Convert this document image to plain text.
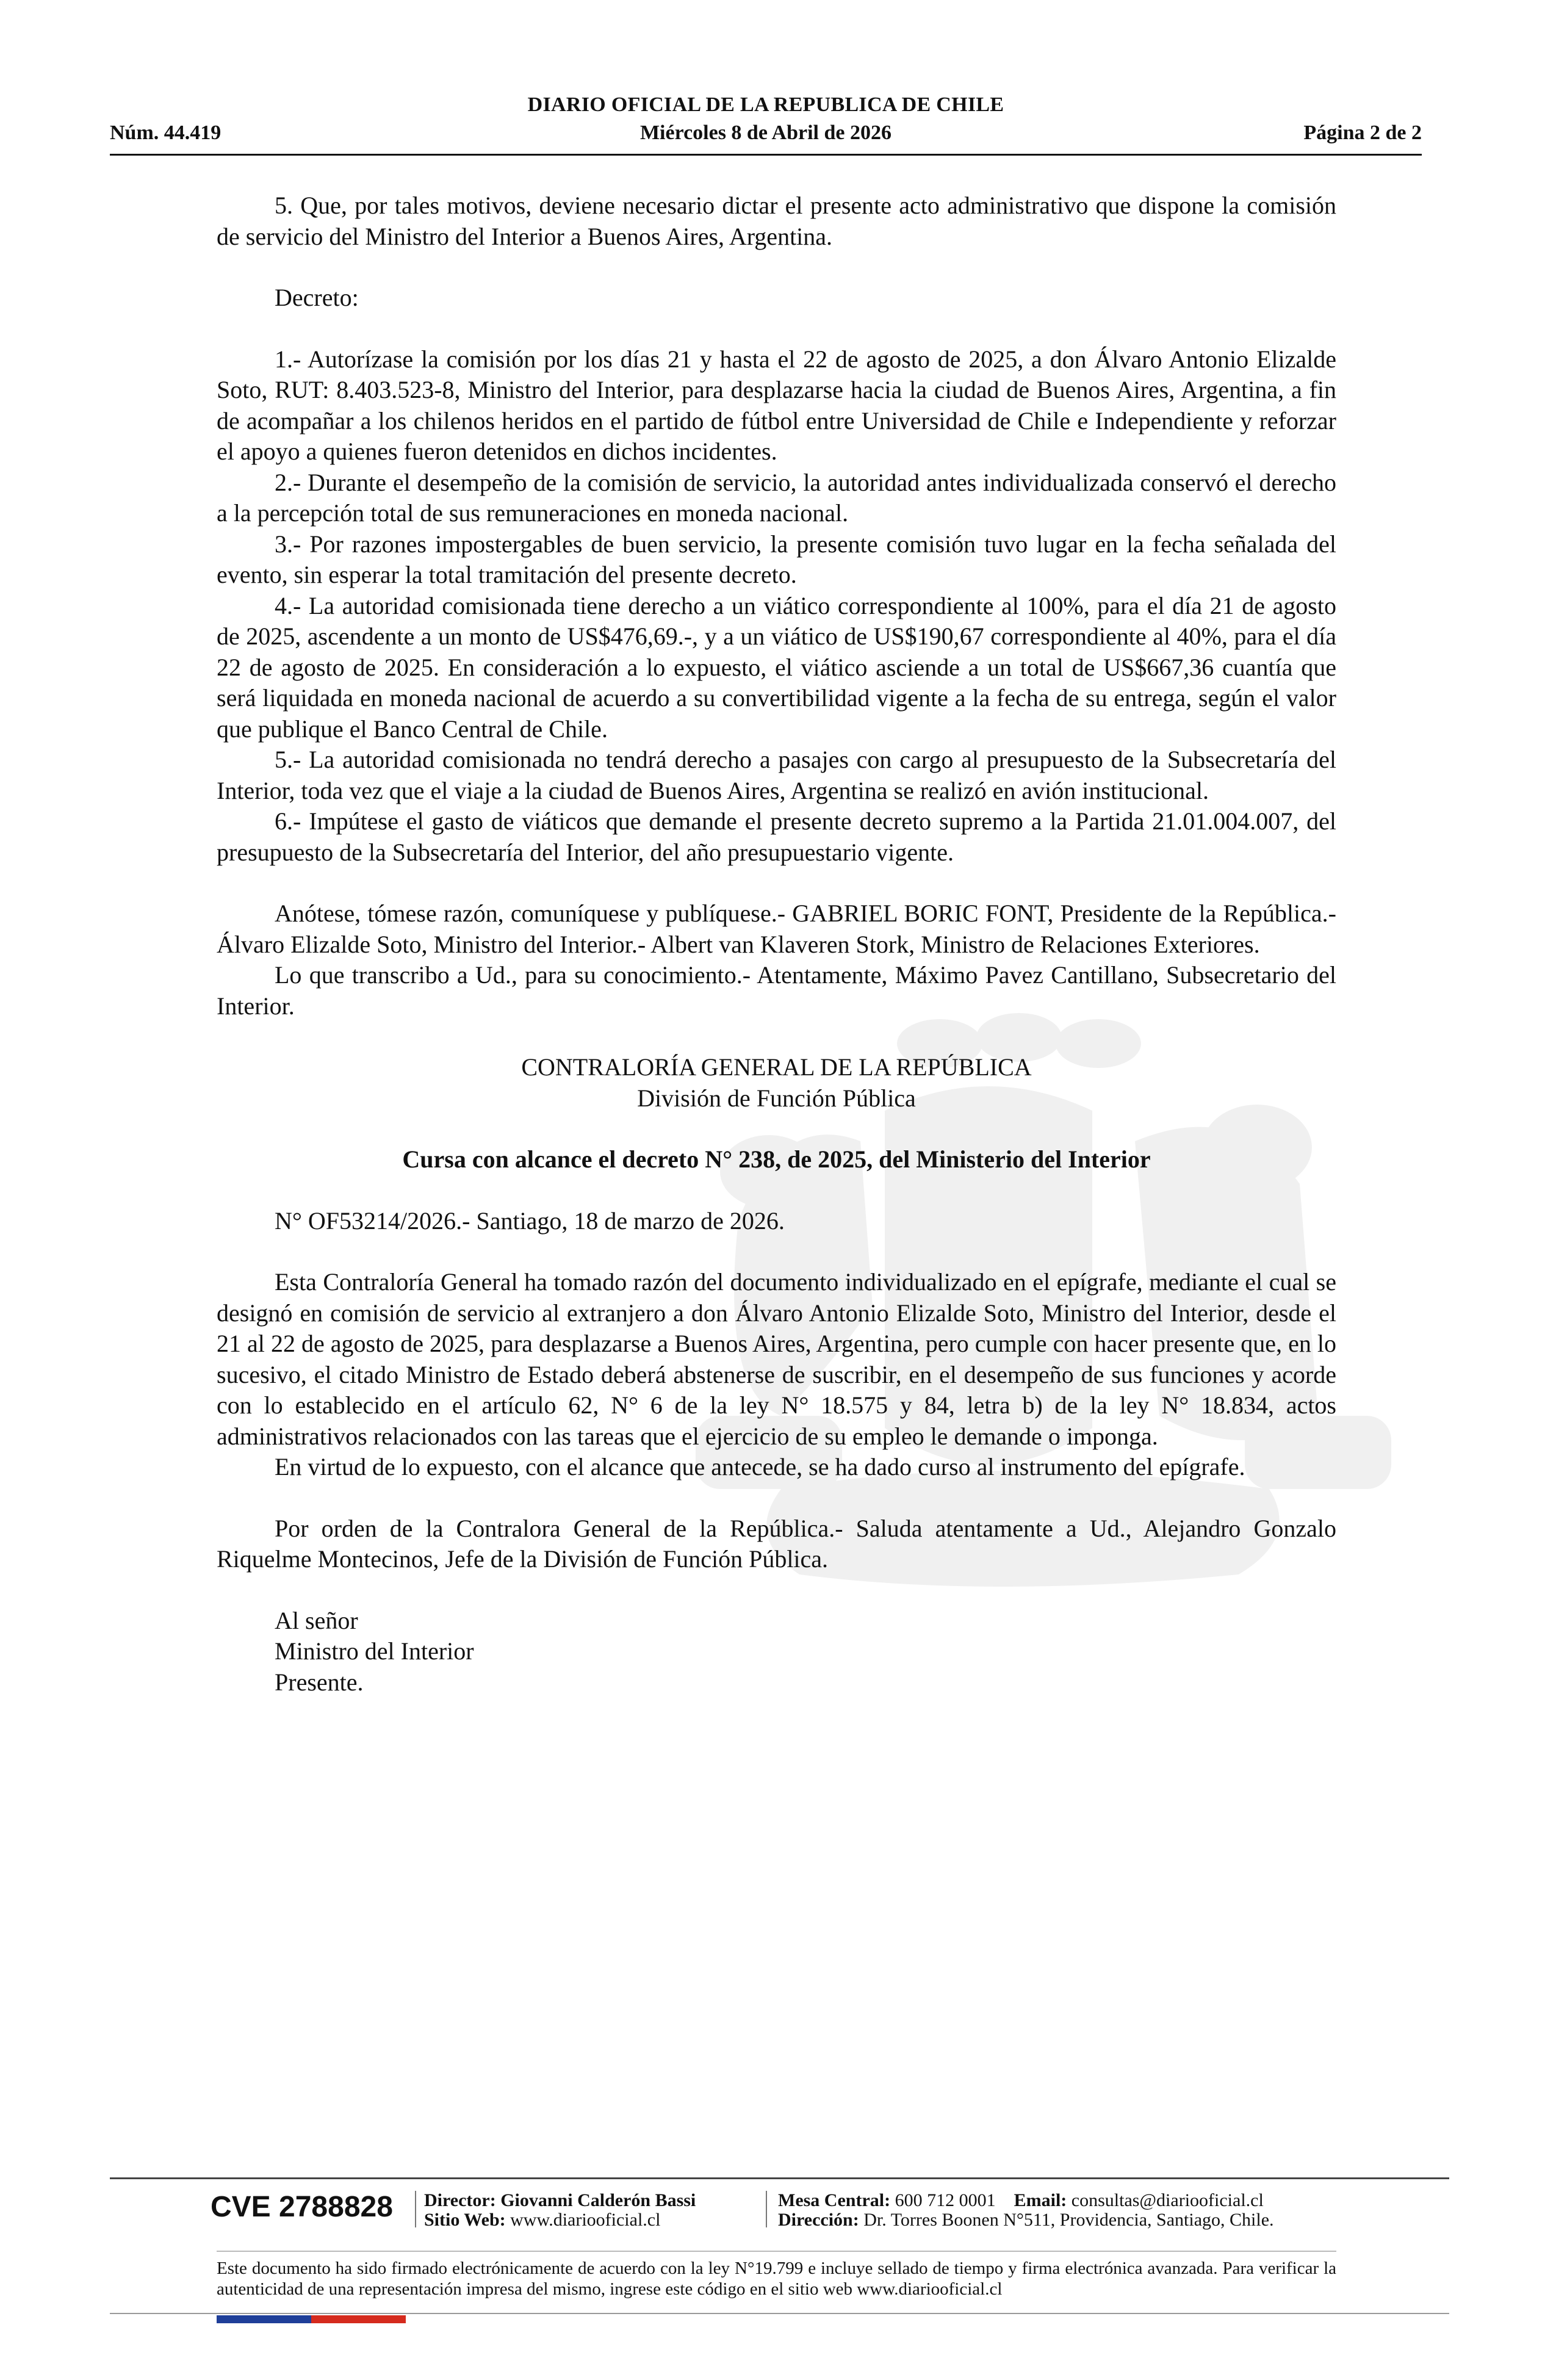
DIARIO OFICIAL DE LA REPUBLICA DE CHILE
Núm. 44.419	Miércoles 8 de Abril de 2026	Página 2 de 2

5. Que, por tales motivos, deviene necesario dictar el presente acto administrativo que dispone la comisión de servicio del Ministro del Interior a Buenos Aires, Argentina.

Decreto:

1.- Autorízase la comisión por los días 21 y hasta el 22 de agosto de 2025, a don Álvaro Antonio Elizalde Soto, RUT: 8.403.523-8, Ministro del Interior, para desplazarse hacia la ciudad de Buenos Aires, Argentina, a fin de acompañar a los chilenos heridos en el partido de fútbol entre Universidad de Chile e Independiente y reforzar el apoyo a quienes fueron detenidos en dichos incidentes.

2.- Durante el desempeño de la comisión de servicio, la autoridad antes individualizada conservó el derecho a la percepción total de sus remuneraciones en moneda nacional.

3.- Por razones impostergables de buen servicio, la presente comisión tuvo lugar en la fecha señalada del evento, sin esperar la total tramitación del presente decreto.

4.- La autoridad comisionada tiene derecho a un viático correspondiente al 100%, para el día 21 de agosto de 2025, ascendente a un monto de US$476,69.-, y a un viático de US$190,67 correspondiente al 40%, para el día 22 de agosto de 2025. En consideración a lo expuesto, el viático asciende a un total de US$667,36 cuantía que será liquidada en moneda nacional de acuerdo a su convertibilidad vigente a la fecha de su entrega, según el valor que publique el Banco Central de Chile.

5.- La autoridad comisionada no tendrá derecho a pasajes con cargo al presupuesto de la Subsecretaría del Interior, toda vez que el viaje a la ciudad de Buenos Aires, Argentina se realizó en avión institucional.

6.- Impútese el gasto de viáticos que demande el presente decreto supremo a la Partida 21.01.004.007, del presupuesto de la Subsecretaría del Interior, del año presupuestario vigente.

Anótese, tómese razón, comuníquese y publíquese.- GABRIEL BORIC FONT, Presidente de la República.- Álvaro Elizalde Soto, Ministro del Interior.- Albert van Klaveren Stork, Ministro de Relaciones Exteriores.

Lo que transcribo a Ud., para su conocimiento.- Atentamente, Máximo Pavez Cantillano, Subsecretario del Interior.

CONTRALORÍA GENERAL DE LA REPÚBLICA

División de Función Pública

Cursa con alcance el decreto N° 238, de 2025, del Ministerio del Interior

N° OF53214/2026.- Santiago, 18 de marzo de 2026.

Esta Contraloría General ha tomado razón del documento individualizado en el epígrafe, mediante el cual se designó en comisión de servicio al extranjero a don Álvaro Antonio Elizalde Soto, Ministro del Interior, desde el 21 al 22 de agosto de 2025, para desplazarse a Buenos Aires, Argentina, pero cumple con hacer presente que, en lo sucesivo, el citado Ministro de Estado deberá abstenerse de suscribir, en el desempeño de sus funciones y acorde con lo establecido en el artículo 62, N° 6 de la ley N° 18.575 y 84, letra b) de la ley N° 18.834, actos administrativos relacionados con las tareas que el ejercicio de su empleo le demande o imponga.

En virtud de lo expuesto, con el alcance que antecede, se ha dado curso al instrumento del epígrafe.

Por orden de la Contralora General de la República.- Saluda atentamente a Ud., Alejandro Gonzalo Riquelme Montecinos, Jefe de la División de Función Pública.

Al señor

Ministro del Interior

Presente.

CVE 2788828 Director: Giovanni Calderón Bassi
Sitio Web: www.diariooficial.cl
Mesa Central: 600 712 0001 Email: consultas@diariooficial.cl
Dirección: Dr. Torres Boonen N°511, Providencia, Santiago, Chile.
Este documento ha sido firmado electrónicamente de acuerdo con la ley N°19.799 e incluye sellado de tiempo y firma electrónica avanzada. Para verificar la autenticidad de una representación impresa del mismo, ingrese este código en el sitio web www.diariooficial.cl
